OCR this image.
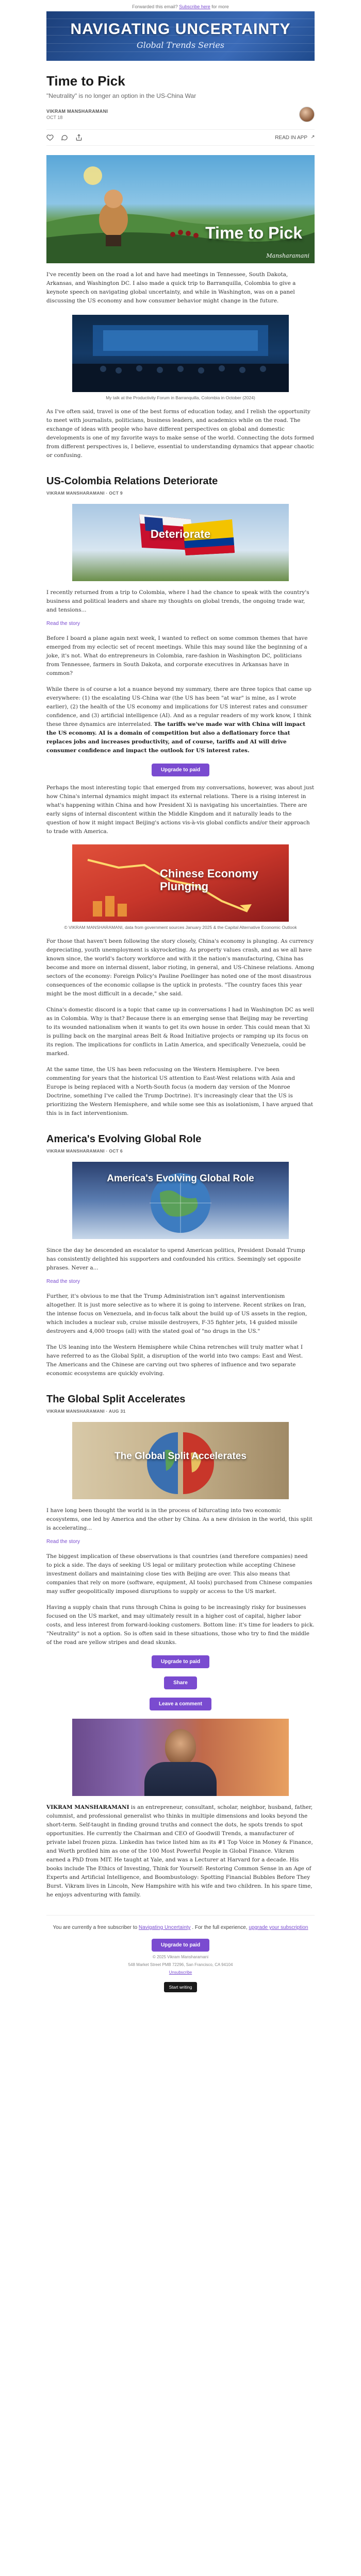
Forwarded this email? Subscribe here for more
NAVIGATING UNCERTAINTY
Global Trends Series
Time to Pick
"Neutrality" is no longer an option in the US-China War
VIKRAM MANSHARAMANI
OCT 18
READ IN APP
Time to Pick
Mansharamani

I've recently been on the road a lot and have had meetings in Tennessee, South Dakota, Arkansas, and Washington DC. I also made a quick trip to Barranquilla, Colombia to give a keynote speech on navigating global uncertainty, and while in Washington, was on a panel discussing the US economy and how consumer behavior might change in the future.

My talk at the Productivity Forum in Barranquilla, Colombia in October (2024)

As I've often said, travel is one of the best forms of education today, and I relish the opportunity to meet with journalists, politicians, business leaders, and academics while on the road. The exchange of ideas with people who have different perspectives on global and domestic developments is one of my favorite ways to make sense of the world. Connecting the dots formed from different perspectives is, I believe, essential to understanding dynamics that appear chaotic or confusing.

US-Colombia Relations Deteriorate
VIKRAM MANSHARAMANI · OCT 9
Deteriorate

I recently returned from a trip to Colombia, where I had the chance to speak with the country's business and political leaders and share my thoughts on global trends, the ongoing trade war, and tensions...

Read the story

Before I board a plane again next week, I wanted to reflect on some common themes that have emerged from my eclectic set of recent meetings. While this may sound like the beginning of a joke, it's not. What do entrepreneurs in Colombia, rare-fashion in Washington DC, politicians from Tennessee, farmers in South Dakota, and corporate executives in Arkansas have in common?

While there is of course a lot a nuance beyond my summary, there are three topics that came up everywhere: (1) the escalating US-China war (the US has been "at war" is mine, as I wrote earlier), (2) the health of the US economy and implications for US interest rates and consumer confidence, and (3) artificial intelligence (AI). And as a regular readers of my work know, I think these three dynamics are interrelated. The tariffs we've made war with China will impact the US economy. AI is a domain of competition but also a deflationary force that replaces jobs and increases productivity, and of course, tariffs and AI will drive consumer confidence and impact the outlook for US interest rates.

Upgrade to paid

Perhaps the most interesting topic that emerged from my conversations, however, was about just how China's internal dynamics might impact its external relations. There is a rising interest in what's happening within China and how President Xi is navigating his uncertainties. There are early signs of internal discontent within the Middle Kingdom and it naturally leads to the question of how it might impact Beijing's actions vis-à-vis global conflicts and/or their approach to trade with America.

Chinese Economy Plunging
© VIKRAM MANSHARAMANI, data from government sources January 2025 & the Capital Alternative Economic Outlook

For those that haven't been following the story closely, China's economy is plunging. As currency depreciating, youth unemployment is skyrocketing. As property values crash, and as we all have known since, the world's factory workforce and with it the nation's manufacturing, China has become and more on internal dissent, labor rioting, in general, and US-Chinese relations. Among sectors of the economy: Foreign Policy's Pauline Poellinger has noted one of the most disastrous consequences of the economic collapse is the uptick in protests. "The country faces this year might be the most difficult in a decade," she said.

China's domestic discord is a topic that came up in conversations I had in Washington DC as well as in Colombia. Why is that? Because there is an emerging sense that Beijing may be reverting to its wounded nationalism when it wants to get its own house in order. This could mean that Xi is pulling back on the marginal areas Belt & Road Initiative projects or ramping up its focus on its region. The implications for conflicts in Latin America, and specifically Venezuela, could be marked.

At the same time, the US has been refocusing on the Western Hemisphere. I've been commenting for years that the historical US attention to East-West relations with Asia and Europe is being replaced with a North-South focus (a modern day version of the Monroe Doctrine, something I've called the Trump Doctrine). It's increasingly clear that the US is prioritizing the Western Hemisphere, and while some see this as isolationism, I have argued that this is in fact interventionism.

America's Evolving Global Role
VIKRAM MANSHARAMANI · OCT 6
America's Evolving Global Role

Since the day he descended an escalator to upend American politics, President Donald Trump has consistently delighted his supporters and confounded his critics. Seemingly set opposite phrases. Never a...

Read the story

Further, it's obvious to me that the Trump Administration isn't against interventionism altogether. It is just more selective as to where it is going to intervene. Recent strikes on Iran, the intense focus on Venezuela, and in-focus talk about the build up of US assets in the region, which includes a nuclear sub, cruise missile destroyers, F-35 fighter jets, 14 guided missile destroyers and 4,000 troops (all) with the stated goal of "no drugs in the US."

The US leaning into the Western Hemisphere while China retrenches will truly matter what I have referred to as the Global Split, a disruption of the world into two camps: East and West. The Americans and the Chinese are carving out two spheres of influence and two separate economic ecosystems are quickly evolving.

The Global Split Accelerates
VIKRAM MANSHARAMANI · AUG 31
The Global Split Accelerates

I have long been thought the world is in the process of bifurcating into two economic ecosystems, one led by America and the other by China. As a new division in the world, this split is accelerating...

Read the story

The biggest implication of these observations is that countries (and therefore companies) need to pick a side. The days of seeking US legal or military protection while accepting Chinese investment dollars and maintaining close ties with Beijing are over. This also means that companies that rely on more (software, equipment, AI tools) purchased from Chinese companies may suffer geopolitically imposed disruptions to supply or access to the US market.

Having a supply chain that runs through China is going to be increasingly risky for businesses focused on the US market, and may ultimately result in a higher cost of capital, higher labor costs, and less interest from forward-looking customers. Bottom line: it's time for leaders to pick. "Neutrality" is not a option. So is often said in these situations, those who try to find the middle of the road are yellow stripes and dead skunks.

Upgrade to paid
Share
Leave a comment

VIKRAM MANSHARAMANI is an entrepreneur, consultant, scholar, neighbor, husband, father, columnist, and professional generalist who thinks in multiple dimensions and looks beyond the short-term. Self-taught in finding ground truths and connect the dots, he spots trends to spot opportunities. He currently the Chairman and CEO of Goodwill Trends, a manufacturer of private label frozen pizza. Linkedin has twice listed him as its #1 Top Voice in Money & Finance, and Worth profiled him as one of the 100 Most Powerful People in Global Finance. Vikram earned a PhD from MIT. He taught at Yale, and was a Lecturer at Harvard for a decade. His books include The Ethics of Investing, Think for Yourself: Restoring Common Sense in an Age of Experts and Artificial Intelligence, and Boombustology: Spotting Financial Bubbles Before They Burst. Vikram lives in Lincoln, New Hampshire with his wife and two children. In his spare time, he enjoys adventuring with family.

You are currently a free subscriber to Navigating Uncertainty . For the full experience, upgrade your subscription

Upgrade to paid

© 2025 Vikram Mansharamani

548 Market Street PMB 72296, San Francisco, CA 94104

Unsubscribe

Start writing
